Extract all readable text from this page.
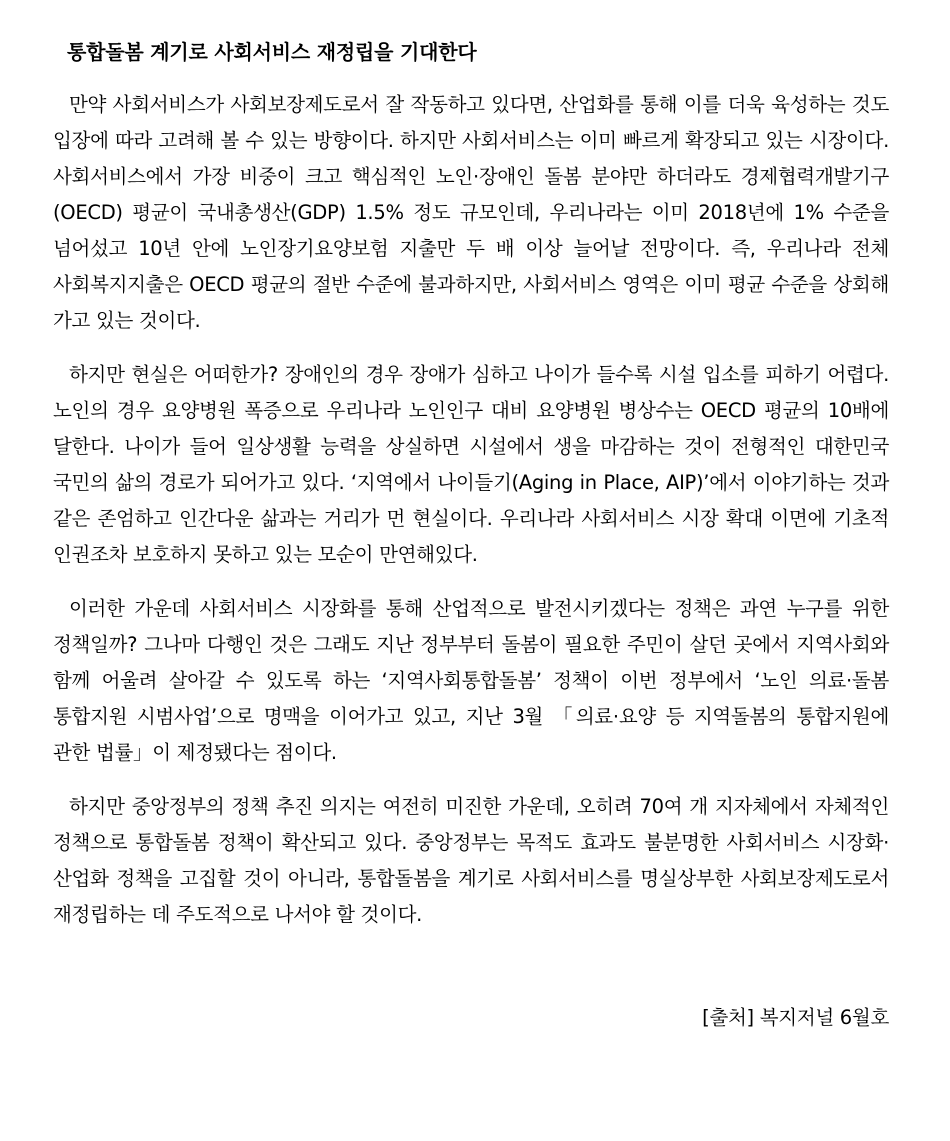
통합돌봄 계기로 사회서비스 재정립을 기대한다

만약 사회서비스가 사회보장제도로서 잘 작동하고 있다면, 산업화를 통해 이를 더욱 육성하는 것도 입장에 따라 고려해 볼 수 있는 방향이다. 하지만 사회서비스는 이미 빠르게 확장되고 있는 시장이다. 사회서비스에서 가장 비중이 크고 핵심적인 노인·장애인 돌봄 분야만 하더라도 경제협력개발기구(OECD) 평균이 국내총생산(GDP) 1.5% 정도 규모인데, 우리나라는 이미 2018년에 1% 수준을 넘어섰고 10년 안에 노인장기요양보험 지출만 두 배 이상 늘어날 전망이다. 즉, 우리나라 전체 사회복지지출은 OECD 평균의 절반 수준에 불과하지만, 사회서비스 영역은 이미 평균 수준을 상회해 가고 있는 것이다.

하지만 현실은 어떠한가? 장애인의 경우 장애가 심하고 나이가 들수록 시설 입소를 피하기 어렵다. 노인의 경우 요양병원 폭증으로 우리나라 노인인구 대비 요양병원 병상수는 OECD 평균의 10배에 달한다. 나이가 들어 일상생활 능력을 상실하면 시설에서 생을 마감하는 것이 전형적인 대한민국 국민의 삶의 경로가 되어가고 있다. ‘지역에서 나이들기(Aging in Place, AIP)’에서 이야기하는 것과 같은 존엄하고 인간다운 삶과는 거리가 먼 현실이다. 우리나라 사회서비스 시장 확대 이면에 기초적 인권조차 보호하지 못하고 있는 모순이 만연해있다.

이러한 가운데 사회서비스 시장화를 통해 산업적으로 발전시키겠다는 정책은 과연 누구를 위한 정책일까? 그나마 다행인 것은 그래도 지난 정부부터 돌봄이 필요한 주민이 살던 곳에서 지역사회와 함께 어울려 살아갈 수 있도록 하는 ‘지역사회통합돌봄’ 정책이 이번 정부에서 ‘노인 의료·돌봄 통합지원 시범사업’으로 명맥을 이어가고 있고, 지난 3월 「의료·요양 등 지역돌봄의 통합지원에 관한 법률」이 제정됐다는 점이다.

하지만 중앙정부의 정책 추진 의지는 여전히 미진한 가운데, 오히려 70여 개 지자체에서 자체적인 정책으로 통합돌봄 정책이 확산되고 있다. 중앙정부는 목적도 효과도 불분명한 사회서비스 시장화·산업화 정책을 고집할 것이 아니라, 통합돌봄을 계기로 사회서비스를 명실상부한 사회보장제도로서 재정립하는 데 주도적으로 나서야 할 것이다.

[출처] 복지저널 6월호
